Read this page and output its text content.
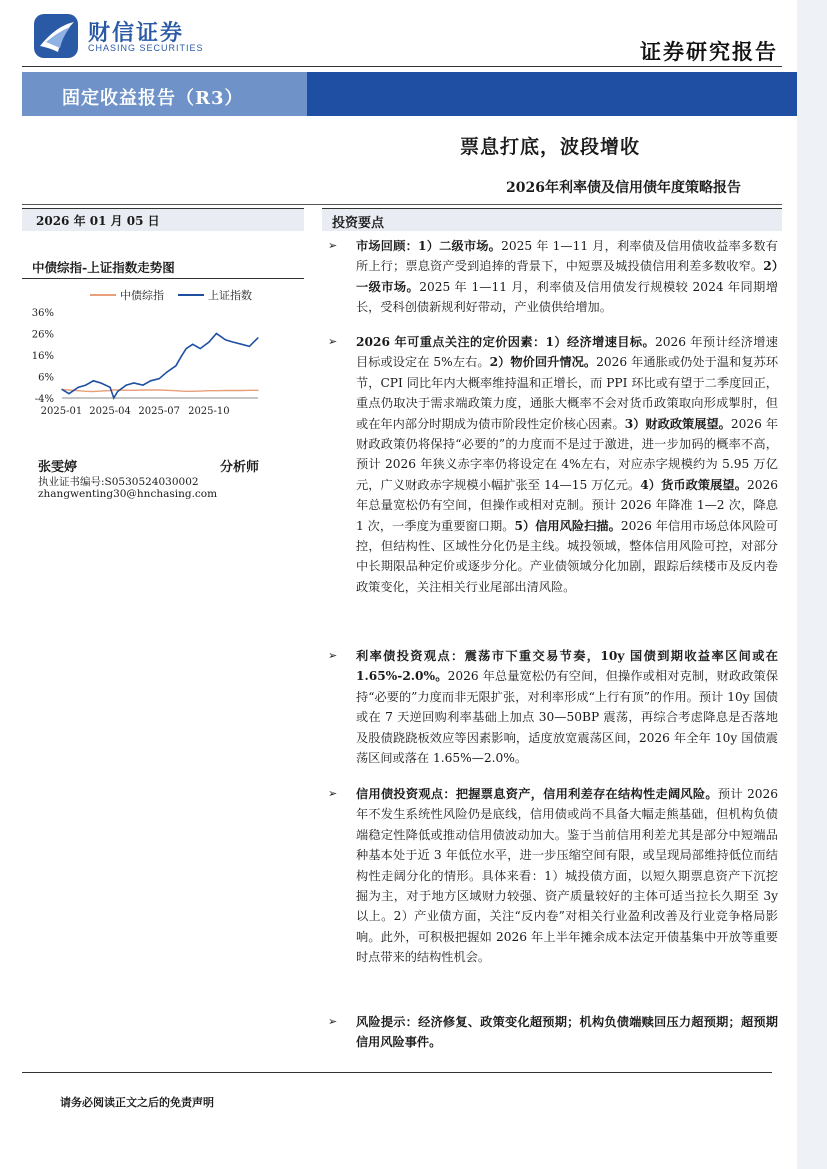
财信证券
CHASING SECURITIES	证券研究报告
固定收益报告（R3）
票息打底，波段增收
2026年利率债及信用债年度策略报告
2026 年 01 月 05 日
中债综指-上证指数走势图
中债综指	上证指数
36%
26%
16%
6%
-4%
2025-01 2025-04 2025-07 2025-10
张雯婷	分析师
执业证书编号:S0530524030002
zhangwenting30@hnchasing.com
投资要点
➢ 市场回顾：1）二级市场。2025 年 1—11 月，利率债及信用债收益率多数有所上行；票息资产受到追捧的背景下，中短票及城投债信用利差多数收窄。2）一级市场。2025 年 1—11 月，利率债及信用债发行规模较 2024 年同期增长，受科创债新规利好带动，产业债供给增加。
➢ 2026 年可重点关注的定价因素：1）经济增速目标。2026 年预计经济增速目标或设定在 5%左右。2）物价回升情况。2026 年通胀或仍处于温和复苏环节，CPI 同比年内大概率维持温和正增长，而 PPI 环比或有望于二季度回正，重点仍取决于需求端政策力度，通胀大概率不会对货币政策取向形成掣肘，但或在年内部分时期成为债市阶段性定价核心因素。3）财政政策展望。2026 年财政政策仍将保持“必要的”的力度而不是过于激进，进一步加码的概率不高，预计 2026 年狭义赤字率仍将设定在 4%左右，对应赤字规模约为 5.95 万亿元，广义财政赤字规模小幅扩张至 14—15 万亿元。4）货币政策展望。2026 年总量宽松仍有空间，但操作或相对克制。预计 2026 年降准 1—2 次，降息 1 次，一季度为重要窗口期。5）信用风险扫描。2026 年信用市场总体风险可控，但结构性、区域性分化仍是主线。城投领域，整体信用风险可控，对部分中长期限品种定价或逐步分化。产业债领域分化加剧，跟踪后续楼市及反内卷政策变化，关注相关行业尾部出清风险。
➢ 利率债投资观点：震荡市下重交易节奏，10y 国债到期收益率区间或在 1.65%-2.0%。2026 年总量宽松仍有空间，但操作或相对克制，财政政策保持“必要的”力度而非无限扩张，对利率形成“上行有顶”的作用。预计 10y 国债或在 7 天逆回购利率基础上加点 30—50BP 震荡，再综合考虑降息是否落地及股债跷跷板效应等因素影响，适度放宽震荡区间，2026 年全年 10y 国债震荡区间或落在 1.65%—2.0%。
➢ 信用债投资观点：把握票息资产，信用利差存在结构性走阔风险。预计 2026 年不发生系统性风险仍是底线，信用债或尚不具备大幅走熊基础，但机构负债端稳定性降低或推动信用债波动加大。鉴于当前信用利差尤其是部分中短端品种基本处于近 3 年低位水平，进一步压缩空间有限，或呈现局部维持低位而结构性走阔分化的情形。具体来看：1）城投债方面，以短久期票息资产下沉挖掘为主，对于地方区域财力较强、资产质量较好的主体可适当拉长久期至 3y 以上。2）产业债方面，关注“反内卷”对相关行业盈利改善及行业竞争格局影响。此外，可积极把握如 2026 年上半年摊余成本法定开债基集中开放等重要时点带来的结构性机会。
➢ 风险提示：经济修复、政策变化超预期；机构负债端赎回压力超预期；超预期信用风险事件。
请务必阅读正文之后的免责声明
